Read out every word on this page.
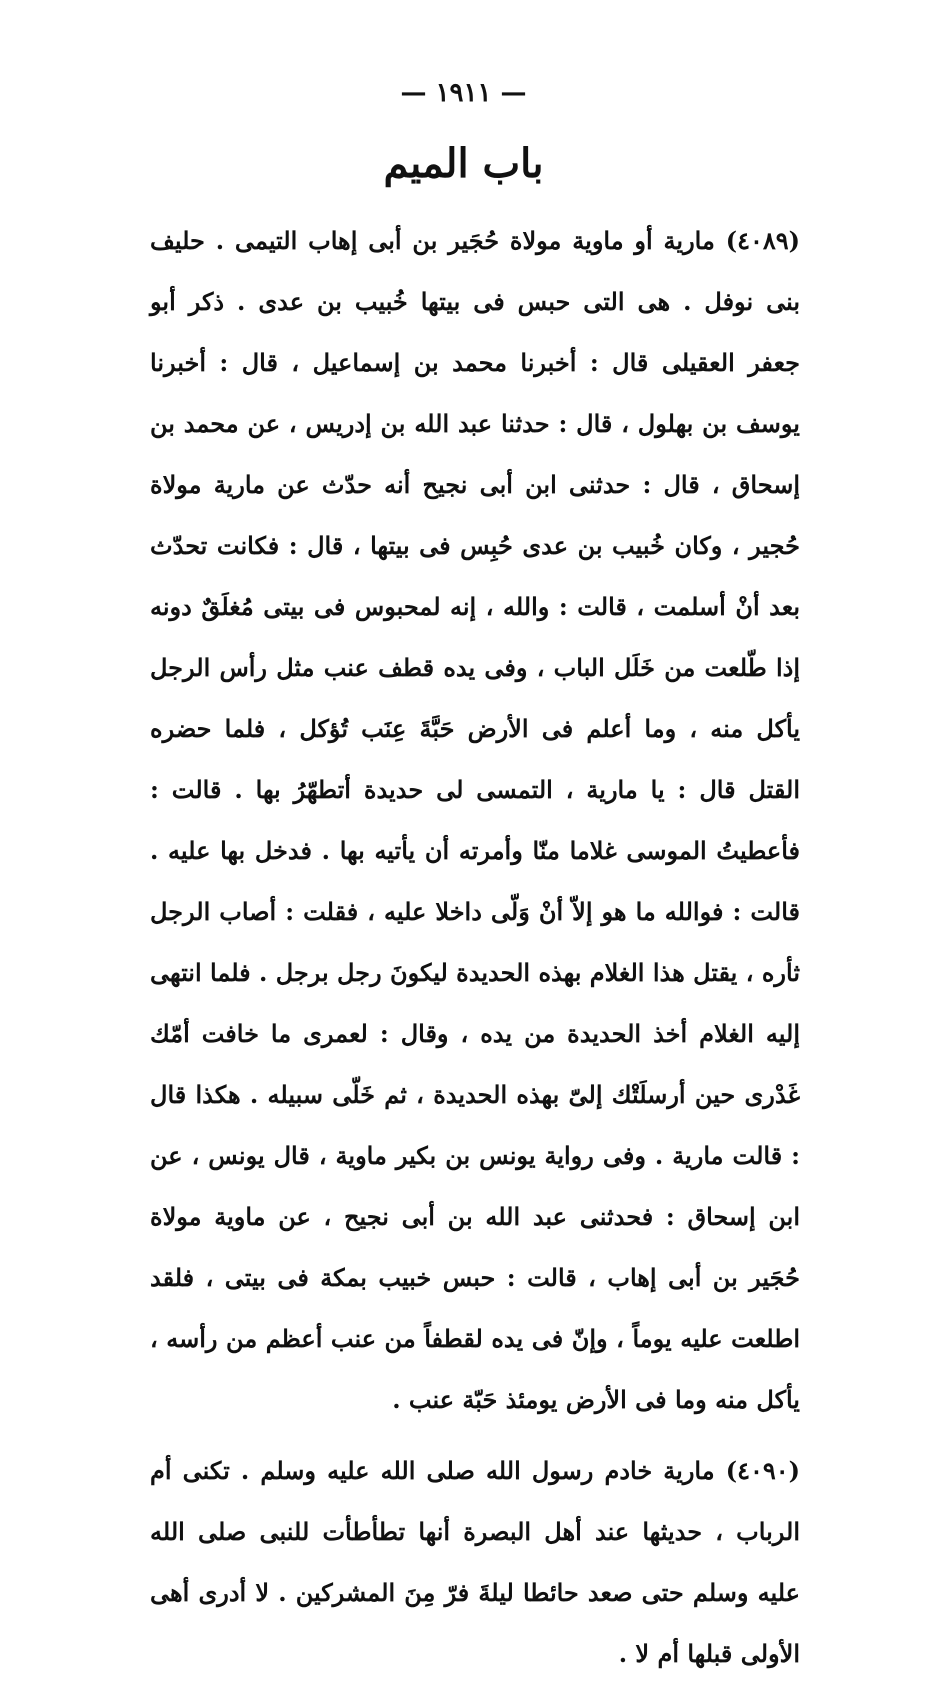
— ١٩١١ —
باب الميم

(٤٠٨٩) مارية أو ماوية مولاة حُجَير بن أبى إهاب التيمى . حليف بنى نوفل . هى التى حبس فى بيتها خُبيب بن عدى . ذكر أبو جعفر العقيلى قال : أخبرنا محمد بن إسماعيل ، قال : أخبرنا يوسف بن بهلول ، قال : حدثنا عبد الله بن إدريس ، عن محمد بن إسحاق ، قال : حدثنى ابن أبى نجيح أنه حدّث عن مارية مولاة حُجير ، وكان خُبيب بن عدى حُبِس فى بيتها ، قال : فكانت تحدّث بعد أنْ أسلمت ، قالت : والله ، إنه لمحبوس فى بيتى مُغلَقٌ دونه إذا طّلعت من خَلَل الباب ، وفى يده قطف عنب مثل رأس الرجل يأكل منه ، وما أعلم فى الأرض حَبَّةَ عِنَب تُؤكل ، فلما حضره القتل قال : يا مارية ، التمسى لى حديدة أتطهّرُ بها . قالت : فأعطيتُ الموسى غلاما منّا وأمرته أن يأتيه بها . فدخل بها عليه . قالت : فوالله ما هو إلاّ أنْ وَلّى داخلا عليه ، فقلت : أصاب الرجل ثأره ، يقتل هذا الغلام بهذه الحديدة ليكونَ رجل برجل . فلما انتهى إليه الغلام أخذ الحديدة من يده ، وقال : لعمرى ما خافت أمّك غَدْرى حين أرسلَتْك إلىّ بهذه الحديدة ، ثم خَلّى سبيله . هكذا قال : قالت مارية . وفى رواية يونس بن بكير ماوية ، قال يونس ، عن ابن إسحاق : فحدثنى عبد الله بن أبى نجيح ، عن ماوية مولاة حُجَير بن أبى إهاب ، قالت : حبس خبيب بمكة فى بيتى ، فلقد اطلعت عليه يوماً ، وإنّ فى يده لقطفاً من عنب أعظم من رأسه ، يأكل منه وما فى الأرض يومئذ حَبّة عنب .

(٤٠٩٠) مارية خادم رسول الله صلى الله عليه وسلم . تكنى أم الرباب ، حديثها عند أهل البصرة أنها تطأطأت للنبى صلى الله عليه وسلم حتى صعد حائطا ليلةَ فرّ مِنَ المشركين . لا أدرى أهى الأولى قبلها أم لا .
